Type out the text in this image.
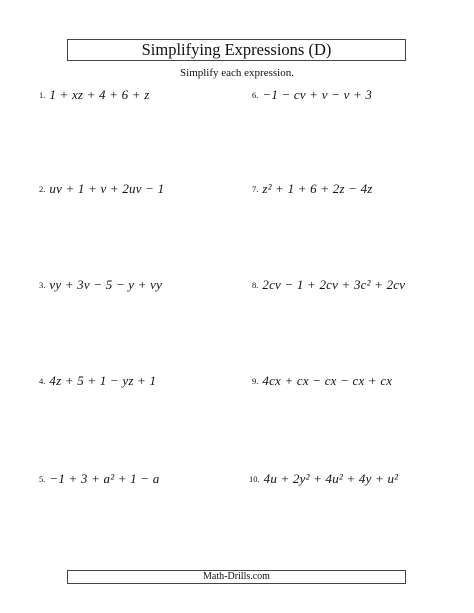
Simplifying Expressions (D)
Simplify each expression.
1. 1 + xz + 4 + 6 + z	6. −1 − cv + v − v + 3
2. uv + 1 + v + 2uv − 1	7. z² + 1 + 6 + 2z − 4z
3. vy + 3v − 5 − y + vy	8. 2cv − 1 + 2cv + 3c² + 2cv
4. 4z + 5 + 1 − yz + 1	9. 4cx + cx − cx − cx + cx
5. −1 + 3 + a² + 1 − a	10. 4u + 2y² + 4u² + 4y + u²
Math-Drills.com
